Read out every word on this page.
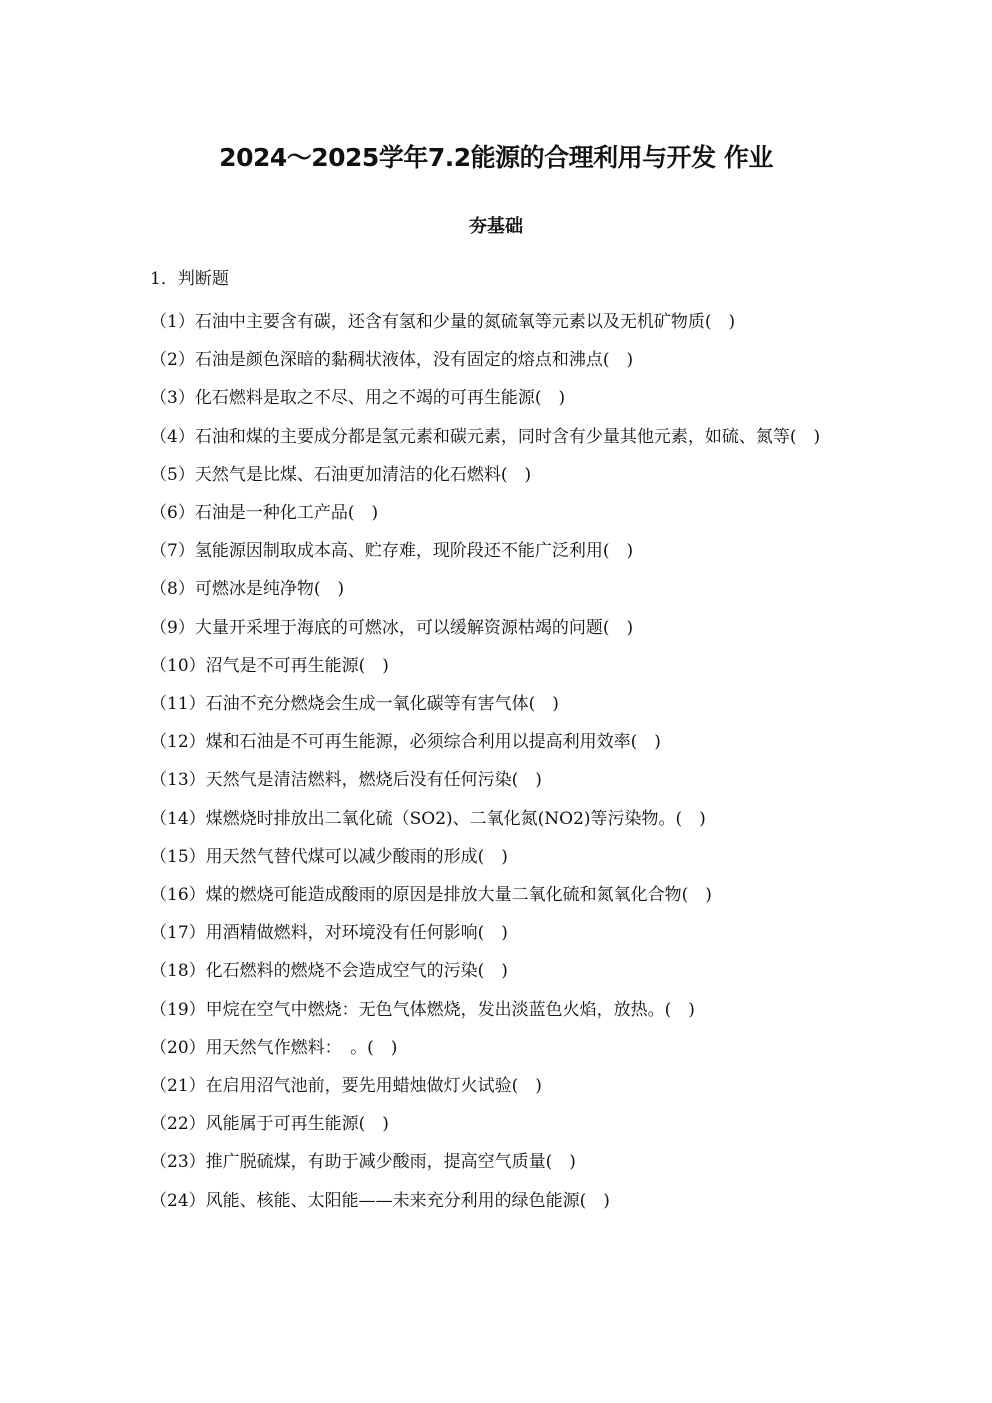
2024～2025学年7.2能源的合理利用与开发 作业
夯基础
1．判断题
（1）石油中主要含有碳，还含有氢和少量的氮硫氧等元素以及无机矿物质(　)
（2）石油是颜色深暗的黏稠状液体，没有固定的熔点和沸点(　)
（3）化石燃料是取之不尽、用之不竭的可再生能源(　)
（4）石油和煤的主要成分都是氢元素和碳元素，同时含有少量其他元素，如硫、氮等(　)
（5）天然气是比煤、石油更加清洁的化石燃料(　)
（6）石油是一种化工产品(　)
（7）氢能源因制取成本高、贮存难，现阶段还不能广泛利用(　)
（8）可燃冰是纯净物(　)
（9）大量开采埋于海底的可燃冰，可以缓解资源枯竭的问题(　)
（10）沼气是不可再生能源(　)
（11）石油不充分燃烧会生成一氧化碳等有害气体(　)
（12）煤和石油是不可再生能源，必须综合利用以提高利用效率(　)
（13）天然气是清洁燃料，燃烧后没有任何污染(　)
（14）煤燃烧时排放出二氧化硫（SO2)、二氧化氮(NO2)等污染物。(　)
（15）用天然气替代煤可以减少酸雨的形成(　)
（16）煤的燃烧可能造成酸雨的原因是排放大量二氧化硫和氮氧化合物(　)
（17）用酒精做燃料，对环境没有任何影响(　)
（18）化石燃料的燃烧不会造成空气的污染(　)
（19）甲烷在空气中燃烧：无色气体燃烧，发出淡蓝色火焰，放热。(　)
（20）用天然气作燃料：　。(　)
（21）在启用沼气池前，要先用蜡烛做灯火试验(　)
（22）风能属于可再生能源(　)
（23）推广脱硫煤，有助于减少酸雨，提高空气质量(　)
（24）风能、核能、太阳能——未来充分利用的绿色能源(　)
